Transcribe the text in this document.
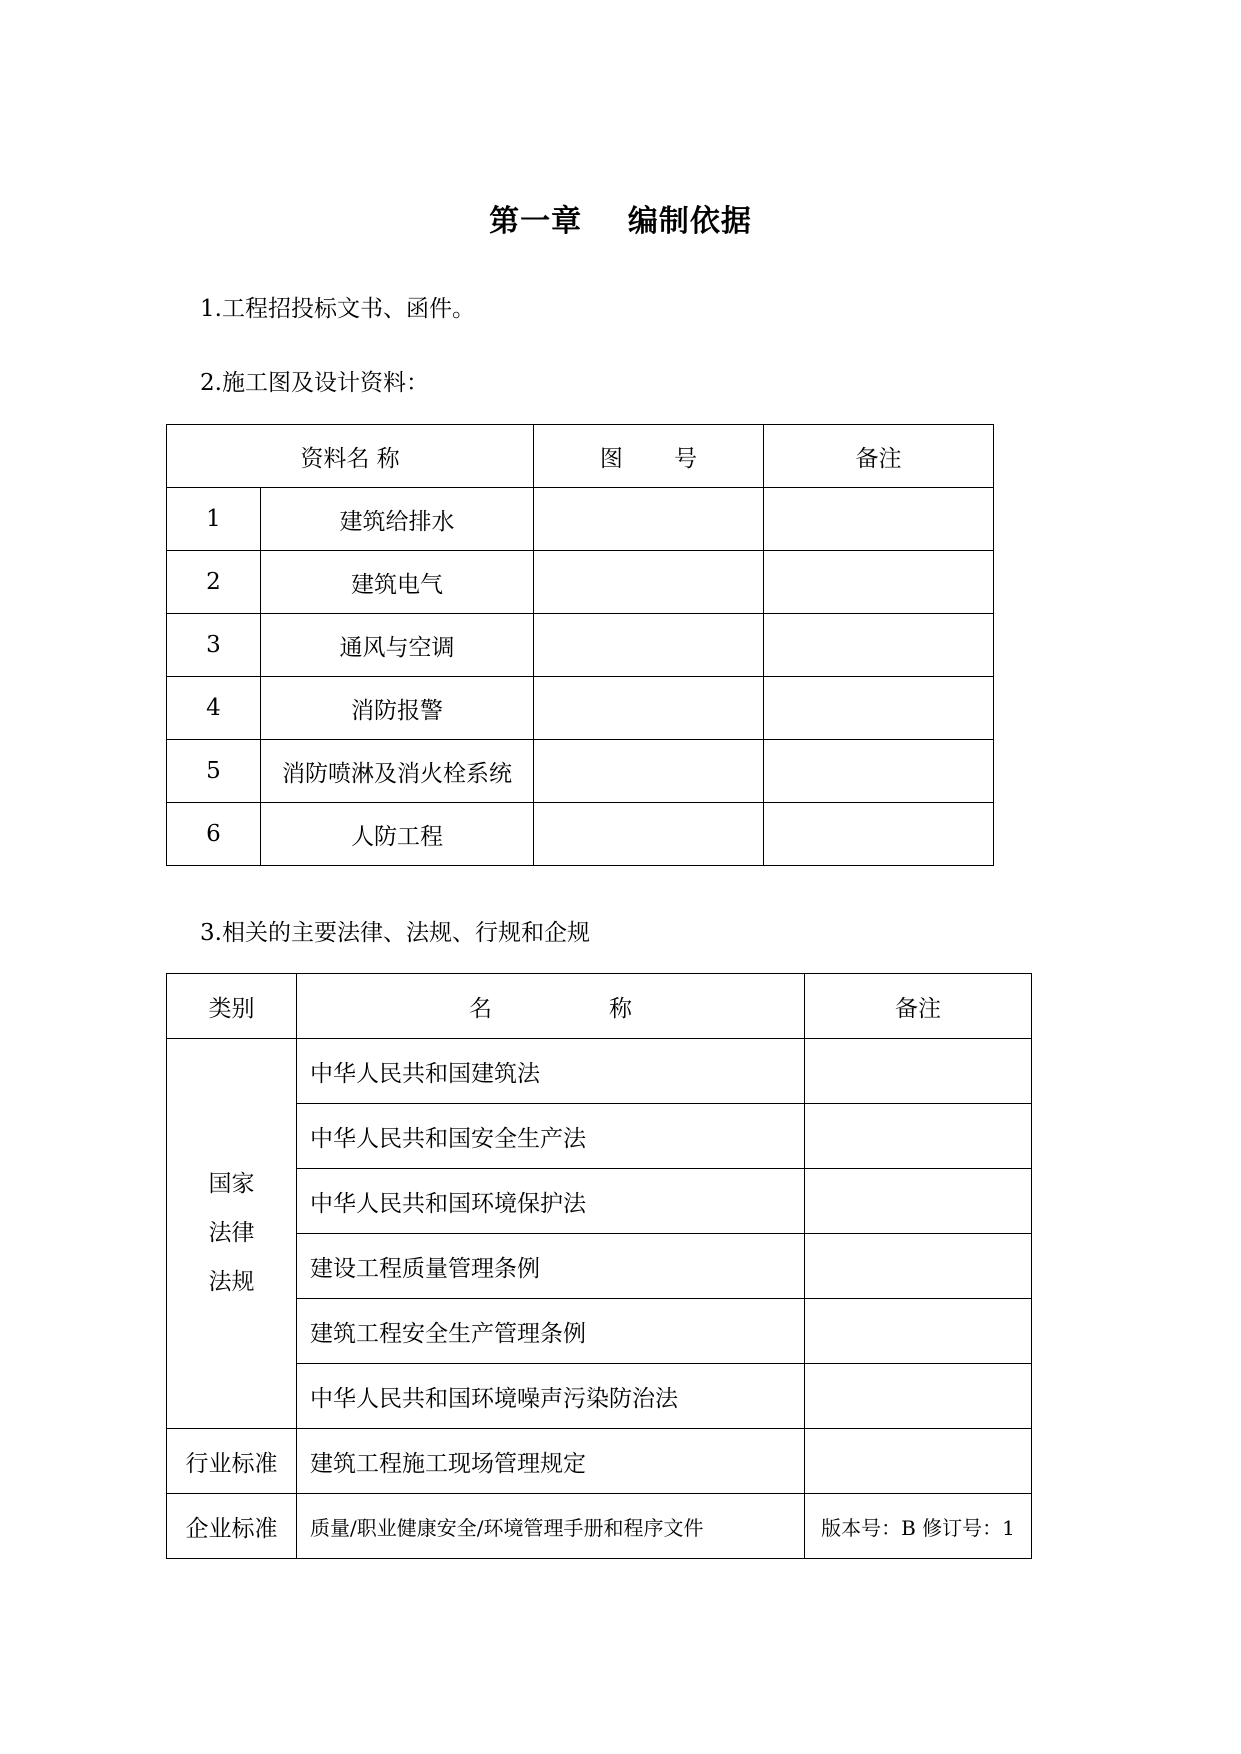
第一章    编制依据
1.工程招投标文书、函件。
2.施工图及设计资料：
资料名 称		图       号	备注
1	建筑给排水		
2	建筑电气		
3	通风与空调		
4	消防报警		
5	消防喷淋及消火栓系统		
6	人防工程		
3.相关的主要法律、法规、行规和企规
类别	名                称	备注

国家
法律
法规	中华人民共和国建筑法	
	中华人民共和国安全生产法	
	中华人民共和国环境保护法	
	建设工程质量管理条例	
	建筑工程安全生产管理条例	
	中华人民共和国环境噪声污染防治法	
行业标准	建筑工程施工现场管理规定	
企业标准	质量/职业健康安全/环境管理手册和程序文件	版本号：B 修订号：1
